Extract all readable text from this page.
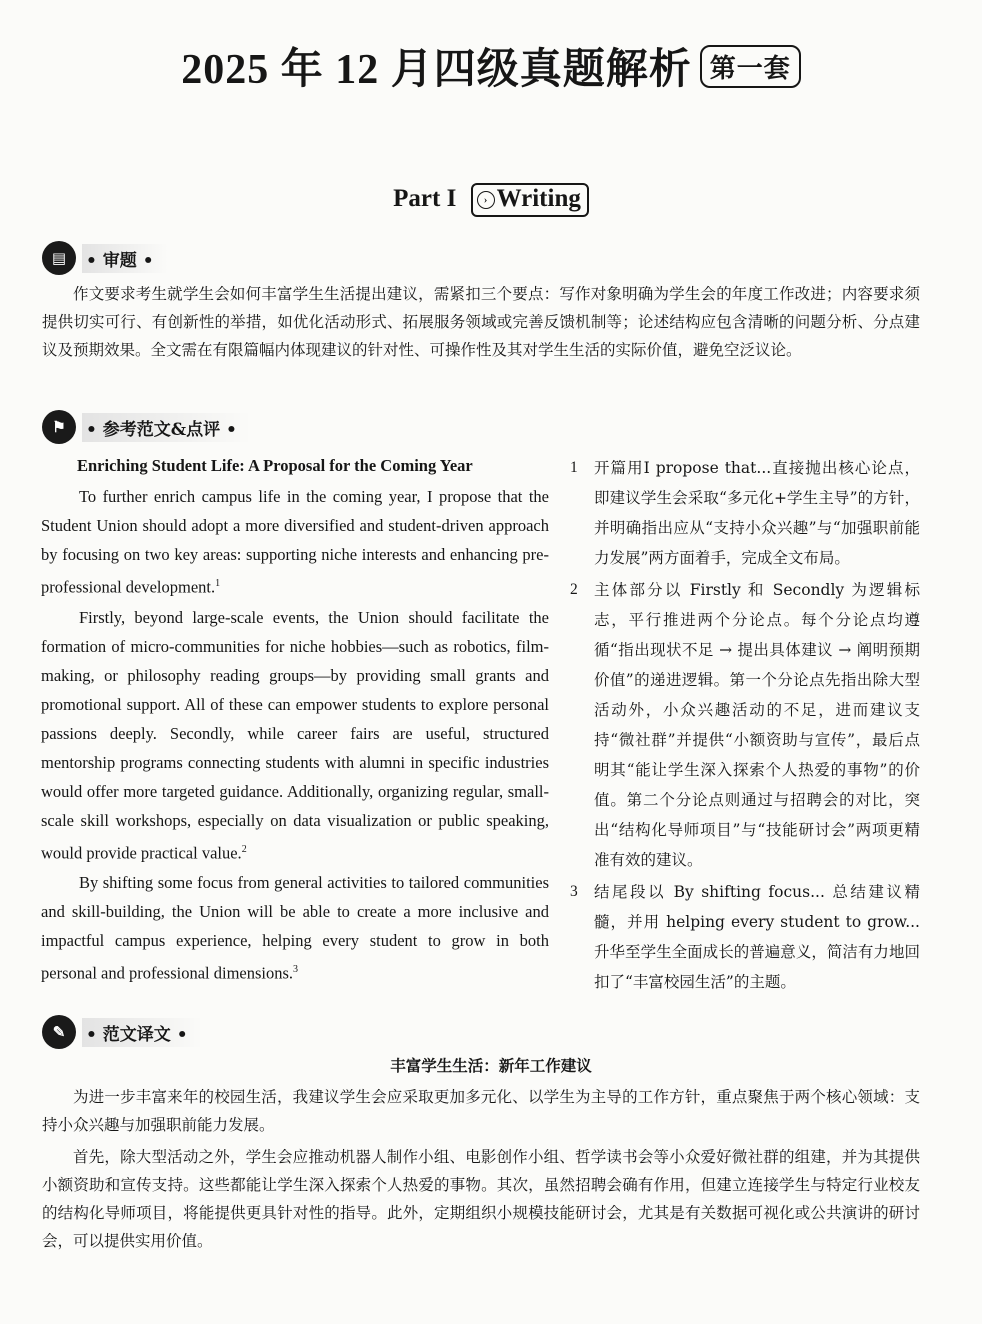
2025 年 12 月四级真题解析 第一套
Part I › Writing
▤	• 审题 •

作文要求考生就学生会如何丰富学生生活提出建议，需紧扣三个要点：写作对象明确为学生会的年度工作改进；内容要求须提供切实可行、有创新性的举措，如优化活动形式、拓展服务领域或完善反馈机制等；论述结构应包含清晰的问题分析、分点建议及预期效果。全文需在有限篇幅内体现建议的针对性、可操作性及其对学生生活的实际价值，避免空泛议论。

⚑	• 参考范文&点评 •
Enriching Student Life: A Proposal for the Coming Year

To further enrich campus life in the coming year, I propose that the Student Union should adopt a more diversified and student-driven approach by focusing on two key areas: supporting niche interests and enhancing pre-professional development.$^1$

Firstly, beyond large-scale events, the Union should facilitate the formation of micro-communities for niche hobbies—such as robotics, film-making, or philosophy reading groups—by providing small grants and promotional support. All of these can empower students to explore personal passions deeply. Secondly, while career fairs are useful, structured mentorship programs connecting students with alumni in specific industries would offer more targeted guidance. Additionally, organizing regular, small-scale skill workshops, especially on data visualization or public speaking, would provide practical value.$^2$

By shifting some focus from general activities to tailored communities and skill-building, the Union will be able to create a more inclusive and impactful campus experience, helping every student to grow in both personal and professional dimensions.$^3$

1	开篇用I propose that...直接抛出核心论点，即建议学生会采取“多元化+学生主导”的方针，并明确指出应从“支持小众兴趣”与“加强职前能力发展”两方面着手，完成全文布局。
2	主体部分以 Firstly 和 Secondly 为逻辑标志，平行推进两个分论点。每个分论点均遵循“指出现状不足 → 提出具体建议 → 阐明预期价值”的递进逻辑。第一个分论点先指出除大型活动外，小众兴趣活动的不足，进而建议支持“微社群”并提供“小额资助与宣传”，最后点明其“能让学生深入探索个人热爱的事物”的价值。第二个分论点则通过与招聘会的对比，突出“结构化导师项目”与“技能研讨会”两项更精准有效的建议。
3	结尾段以 By shifting focus... 总结建议精髓，并用 helping every student to grow... 升华至学生全面成长的普遍意义，简洁有力地回扣了“丰富校园生活”的主题。
✎	• 范文译文 •
丰富学生生活：新年工作建议

为进一步丰富来年的校园生活，我建议学生会应采取更加多元化、以学生为主导的工作方针，重点聚焦于两个核心领域：支持小众兴趣与加强职前能力发展。

首先，除大型活动之外，学生会应推动机器人制作小组、电影创作小组、哲学读书会等小众爱好微社群的组建，并为其提供小额资助和宣传支持。这些都能让学生深入探索个人热爱的事物。其次，虽然招聘会确有作用，但建立连接学生与特定行业校友的结构化导师项目，将能提供更具针对性的指导。此外，定期组织小规模技能研讨会，尤其是有关数据可视化或公共演讲的研讨会，可以提供实用价值。
